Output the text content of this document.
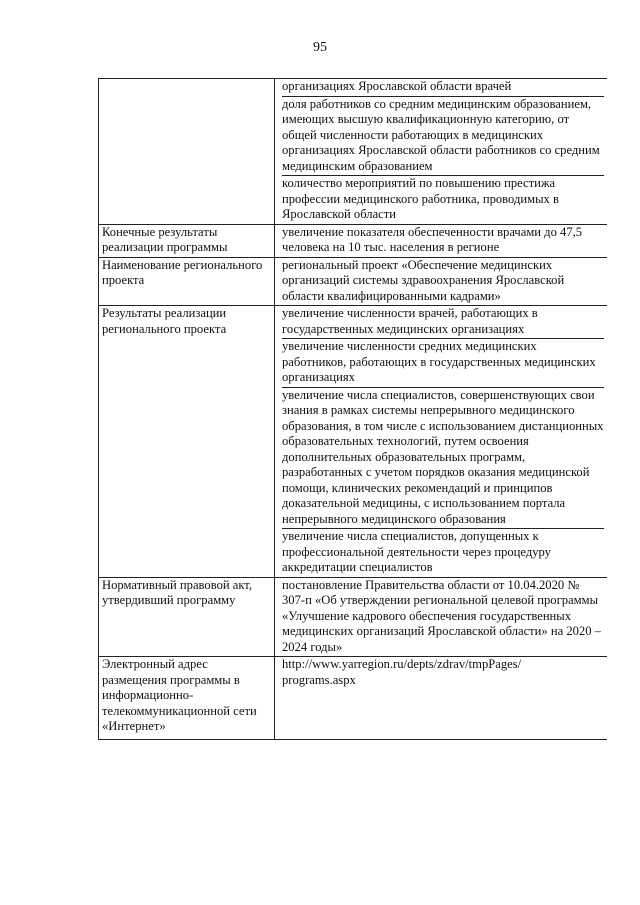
95

	организациях Ярославской области врачей
доля работников со средним медицинским образованием, имеющих высшую квалификационную категорию, от общей численности работающих в медицинских организациях Ярославской области работников со средним медицинским образованием
количество мероприятий по повышению престижа профессии медицинского работника, проводимых в Ярославской области

Конечные результаты реализации программы	увеличение показателя обеспеченности врачами до 47,5 человека на 10 тыс. населения в регионе

Наименование регионального проекта	региональный проект «Обеспечение медицинских организаций системы здравоохранения Ярославской области квалифицированными кадрами»

Результаты реализации регионального проекта	увеличение численности врачей, работающих в государственных медицинских организациях
увеличение численности средних медицинских работников, работающих в государственных медицинских организациях
увеличение числа специалистов, совершенствующих свои знания в рамках системы непрерывного медицинского образования, в том числе с использованием дистанционных образовательных технологий, путем освоения дополнительных образовательных программ, разработанных с учетом порядков оказания медицинской помощи, клинических рекомендаций и принципов доказательной медицины, с использованием портала непрерывного медицинского образования
увеличение числа специалистов, допущенных к профессиональной деятельности через процедуру аккредитации специалистов

Нормативный правовой акт, утвердивший программу	постановление Правительства области от 10.04.2020 № 307-п «Об утверждении региональной целевой программы «Улучшение кадрового обеспечения государственных медицинских организаций Ярославской области» на 2020 – 2024 годы»

Электронный адрес размещения программы в информационно-телекоммуникационной сети «Интернет»	http://www.yarregion.ru/depts/zdrav/tmpPages/
programs.aspx
